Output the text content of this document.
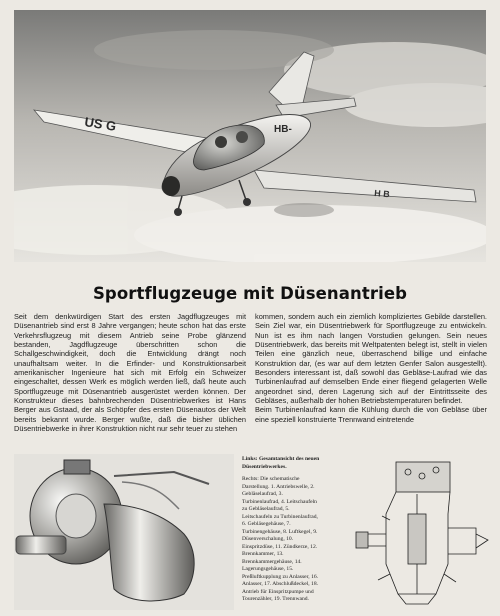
US G	HB-
H B
Sportflugzeuge mit Düsenantrieb
Seit dem denkwürdigen Start des ersten Jagdflugzeuges mit Düsenantrieb sind erst 8 Jahre vergangen; heute schon hat das erste Verkehrsflugzeug mit diesem Antrieb seine Probe glänzend bestanden, Jagdflugzeuge überschritten schon die Schallgeschwindigkeit, doch die Entwicklung drängt noch unaufhaltsam weiter. In die Erfinder- und Konstruktionsarbeit amerikanischer Ingenieure hat sich mit Erfolg ein Schweizer eingeschaltet, dessen Werk es möglich werden ließ, daß heute auch Sportflugzeuge mit Düsenantrieb ausgerüstet werden können. Der Konstrukteur dieses bahnbrechenden Düsentriebwerkes ist Hans Berger aus Gstaad, der als Schöpfer des ersten Düsenautos der Welt bereits bekannt wurde. Berger wußte, daß die bisher üblichen Düsentriebwerke in ihrer Konstruktion nicht nur sehr teuer zu stehen
kommen, sondern auch ein ziemlich kompliziertes Gebilde darstellen. Sein Ziel war, ein Düsentriebwerk für Sportflugzeuge zu entwickeln. Nun ist es ihm nach langen Vorstudien gelungen. Sein neues Düsentriebwerk, das bereits mit Weltpatenten belegt ist, stellt in vielen Teilen eine gänzlich neue, überraschend billige und einfache Konstruktion dar, (es war auf dem letzten Genfer Salon ausgestellt). Besonders interessant ist, daß sowohl das Gebläse-Laufrad wie das Turbinenlaufrad auf demselben Ende einer fliegend gelagerten Welle angeordnet sind, deren Lagerung sich auf der Eintrittsseite des Gebläses, außerhalb der hohen Betriebstemperaturen befindet.
Beim Turbinenlaufrad kann die Kühlung durch die von Gebläse über eine speziell konstruierte Trennwand eintretende

Links: Gesamtansicht des neuen Düsentriebwerkes.

Rechts: Die schematische Darstellung. 1. Antriebswelle, 2. Gebläselaufrad, 3. Turbinenlaufrad, 4. Leitschaufeln zu Gebläselaufrad, 5. Leitschaufeln zu Turbinenlaufrad, 6. Gebläsegehäuse, 7. Turbinengehäuse, 8. Luftkegel, 9. Düsenverschalung, 10. Einspritzdüse, 11. Zündkerze, 12. Brennkammer, 13. Brennkammergehäuse, 14. Lagerungsgehäuse, 15. Preßluftkupplung zu Anlasser, 16. Anlasser, 17. Abschlußdeckel, 18. Antrieb für Einspritzpumpe und Tourenzähler, 19. Trennwand.
